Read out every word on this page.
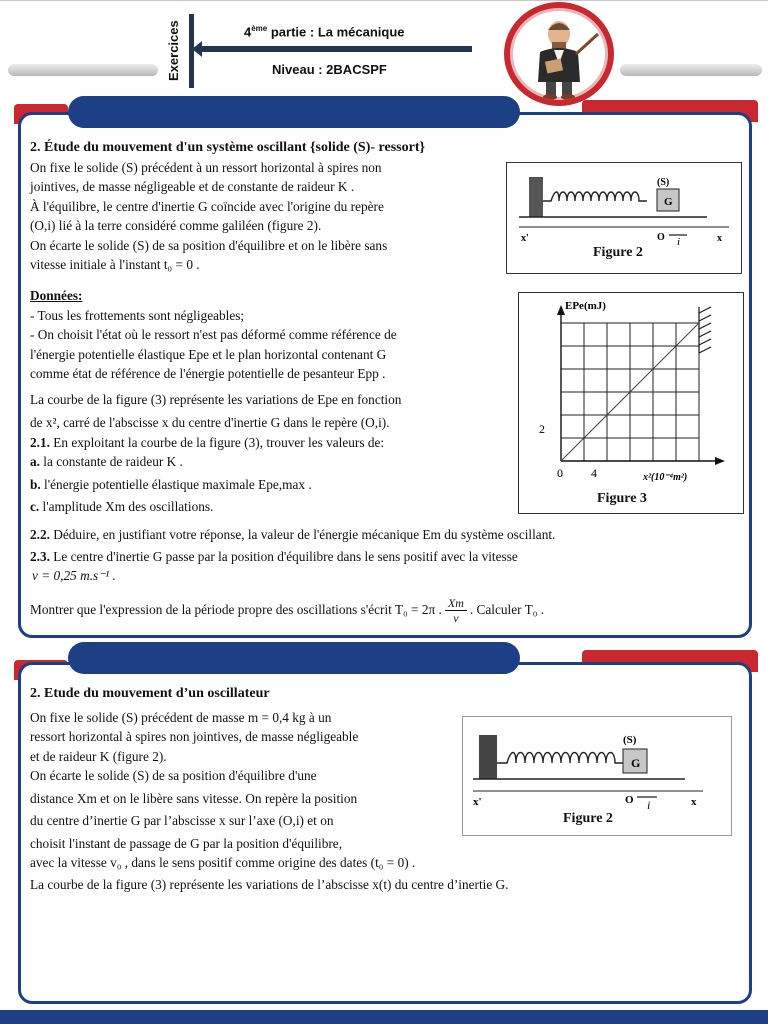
Exercices	4ème partie : La mécanique
Niveau : 2BACSPF

2. Étude du mouvement d'un système oscillant {solide (S)- ressort}

On fixe le solide (S) précédent à un ressort horizontal à spires non

jointives, de masse négligeable et de constante de raideur K .

À l'équilibre, le centre d'inertie G coïncide avec l'origine du repère

(O,i) lié à la terre considéré comme galiléen (figure 2).

On écarte le solide (S) de sa position d'équilibre et on le libère sans

vitesse initiale à l'instant t₀ = 0 .

(S)
G
O i
x'	x
Figure 2

Données:

- Tous les frottements sont négligeables;

- On choisit l'état où le ressort n'est pas déformé comme référence de

l'énergie potentielle élastique Epe et le plan horizontal contenant G

comme état de référence de l'énergie potentielle de pesanteur Epp .

La courbe de la figure (3) représente les variations de Epe en fonction

de x², carré de l'abscisse x du centre d'inertie G dans le repère (O,i).

2.1. En exploitant la courbe de la figure (3), trouver les valeurs de:

a. la constante de raideur K .

b. l'énergie potentielle élastique maximale Epe,max .

c. l'amplitude Xm des oscillations.

EPe(mJ)
x²(10⁻⁴m²)
2
0 4
Figure 3

2.2. Déduire, en justifiant votre réponse, la valeur de l'énergie mécanique Em du système oscillant.

2.3. Le centre d'inertie G passe par la position d'équilibre dans le sens positif avec la vitesse

v = 0,25 m.s⁻¹ .

Montrer que l'expression de la période propre des oscillations s'écrit T₀ = 2π . Xm
v
. Calculer T₀ .

2. Etude du mouvement d’un oscillateur

On fixe le solide (S) précédent de masse m = 0,4 kg à un

ressort horizontal à spires non jointives, de masse négligeable

et de raideur K (figure 2).

On écarte le solide (S) de sa position d'équilibre d'une

distance Xm et on le libère sans vitesse. On repère la position

du centre d’inertie G par l’abscisse x sur l’axe (O,i) et on

choisit l'instant de passage de G par la position d'équilibre,

avec la vitesse v₀ , dans le sens positif comme origine des dates (t₀ = 0) .

La courbe de la figure (3) représente les variations de l’abscisse x(t) du centre d’inertie G.

(S)
G
O i
x'	x
Figure 2
